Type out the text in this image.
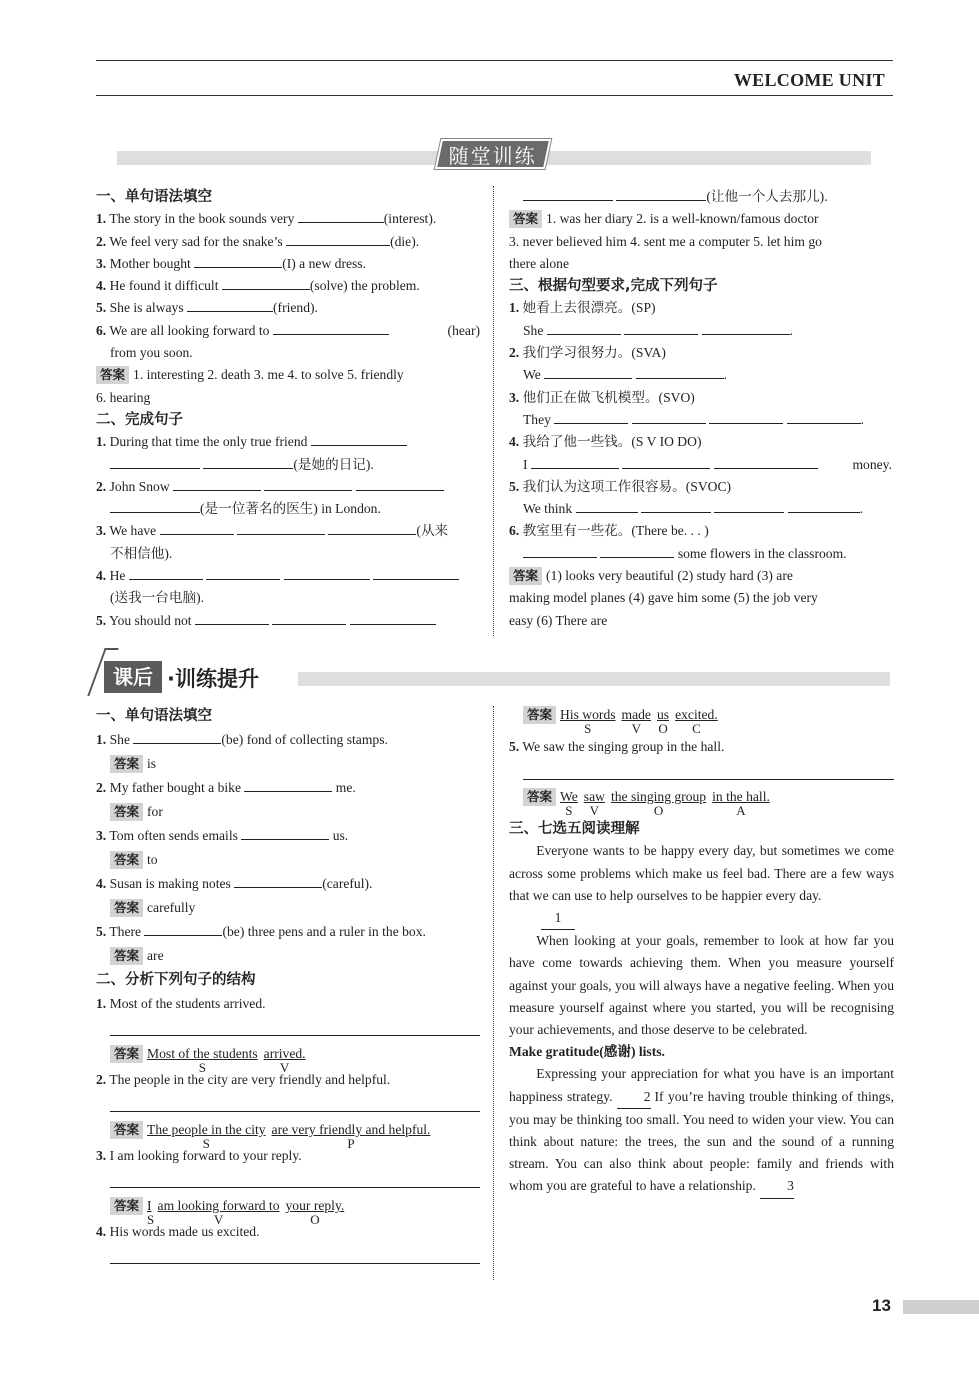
WELCOME UNIT
随堂训练
一、单句语法填空
1. The story in the book sounds very	(interest).
2. We feel very sad for the snake’s	(die).
3. Mother bought	(I) a new dress.
4. He found it difficult	(solve) the problem.
5. She is always	(friend).
6. We are all looking forward to	(hear)
from you soon.
答案 1. interesting 2. death 3. me 4. to solve 5. friendly
6. hearing
二、完成句子
1. During that time the only true friend
(是她的日记).
2. John Snow
(是一位著名的医生) in London.
3. We have	(从来
不相信他).
4. He
(送我一台电脑).
5. You should not
(让他一个人去那儿).
答案 1. was her diary 2. is a well-known/famous doctor
3. never believed him 4. sent me a computer 5. let him go
there alone
三、根据句型要求,完成下列句子
1. 她看上去很漂亮。(SP)
She	.
2. 我们学习很努力。(SVA)
We	.
3. 他们正在做飞机模型。(SVO)
They	.
4. 我给了他一些钱。(S V IO DO)
I	money.
5. 我们认为这项工作很容易。(SVOC)
We think	.
6. 教室里有一些花。(There be. . . )
some flowers in the classroom.
答案 (1) looks very beautiful (2) study hard (3) are
making model planes (4) gave him some (5) the job very
easy (6) There are
课后 ·训练提升
一、单句语法填空
1. She	(be) fond of collecting stamps.
答案 is
2. My father bought a bike	me.
答案 for
3. Tom often sends emails	us.
答案 to
4. Susan is making notes	(careful).
答案 carefully
5. There	(be) three pens and a ruler in the box.
答案 are
二、分析下列句子的结构
1. Most of the students arrived.
答案 Most of the students
S
arrived.
V
2. The people in the city are very friendly and helpful.
答案 The people in the city
S
are very friendly and helpful.
P
3. I am looking forward to your reply.
答案 I
S
am looking forward to
V
your reply.
O
4. His words made us excited.
答案 His words
S
made
V
us
O
excited.
C
5. We saw the singing group in the hall.
答案 We
S
saw
V
the singing group
O
in the hall.
A
三、七选五阅读理解
Everyone wants to be happy every day, but sometimes we come across some problems which make us feel bad. There are a few ways that we can use to help ourselves to be happier every day.
1
When looking at your goals, remember to look at how far you have come towards achieving them. When you measure yourself against your goals, you will always have a negative feeling. When you measure yourself against where you started, you will be recognising your achievements, and those deserve to be celebrated.
Make gratitude(感谢) lists.
Expressing your appreciation for what you have is an important happiness strategy. 2 If you’re having trouble thinking of things, you may be thinking too small. You need to widen your view. You can think about nature: the trees, the sun and the sound of a running stream. You can also think about people: family and friends with whom you are grateful to have a relationship. 3
13
